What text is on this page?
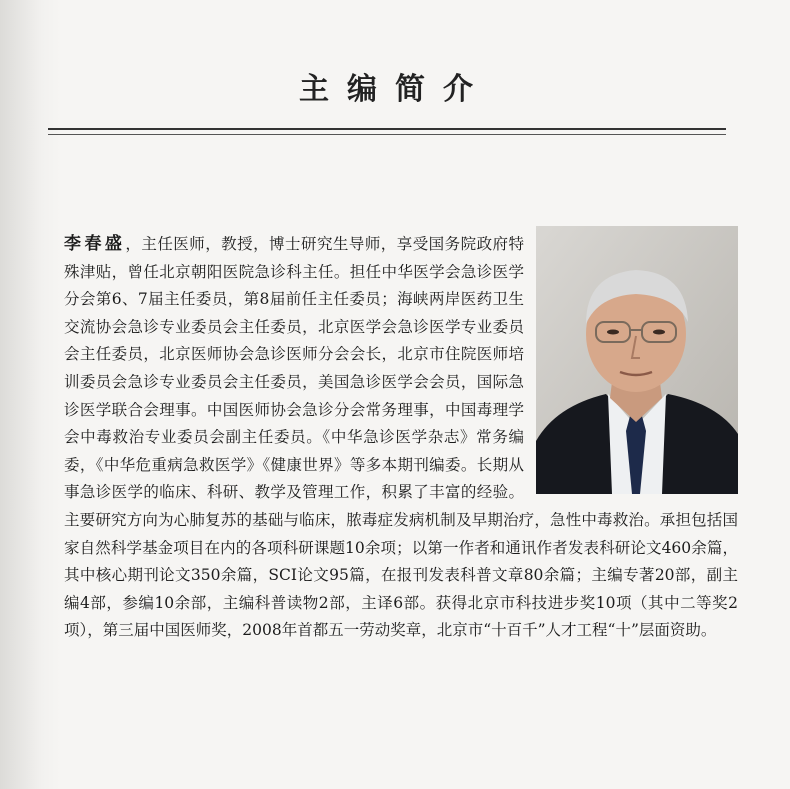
主编简介
李春盛，主任医师，教授，博士研究生导师，享受国务院政府特殊津贴，曾任北京朝阳医院急诊科主任。担任中华医学会急诊医学分会第6、7届主任委员，第8届前任主任委员；海峡两岸医药卫生交流协会急诊专业委员会主任委员，北京医学会急诊医学专业委员会主任委员，北京医师协会急诊医师分会会长，北京市住院医师培训委员会急诊专业委员会主任委员，美国急诊医学会会员，国际急诊医学联合会理事。中国医师协会急诊分会常务理事，中国毒理学会中毒救治专业委员会副主任委员。《中华急诊医学杂志》常务编委，《中华危重病急救医学》《健康世界》等多本期刊编委。长期从事急诊医学的临床、科研、教学及管理工作，积累了丰富的经验。主要研究方向为心肺复苏的基础与临床，脓毒症发病机制及早期治疗，急性中毒救治。承担包括国家自然科学基金项目在内的各项科研课题10余项；以第一作者和通讯作者发表科研论文460余篇，其中核心期刊论文350余篇，SCI论文95篇，在报刊发表科普文章80余篇；主编专著20部，副主编4部，参编10余部，主编科普读物2部，主译6部。获得北京市科技进步奖10项（其中二等奖2项），第三届中国医师奖，2008年首都五一劳动奖章，北京市“十百千”人才工程“十”层面资助。
